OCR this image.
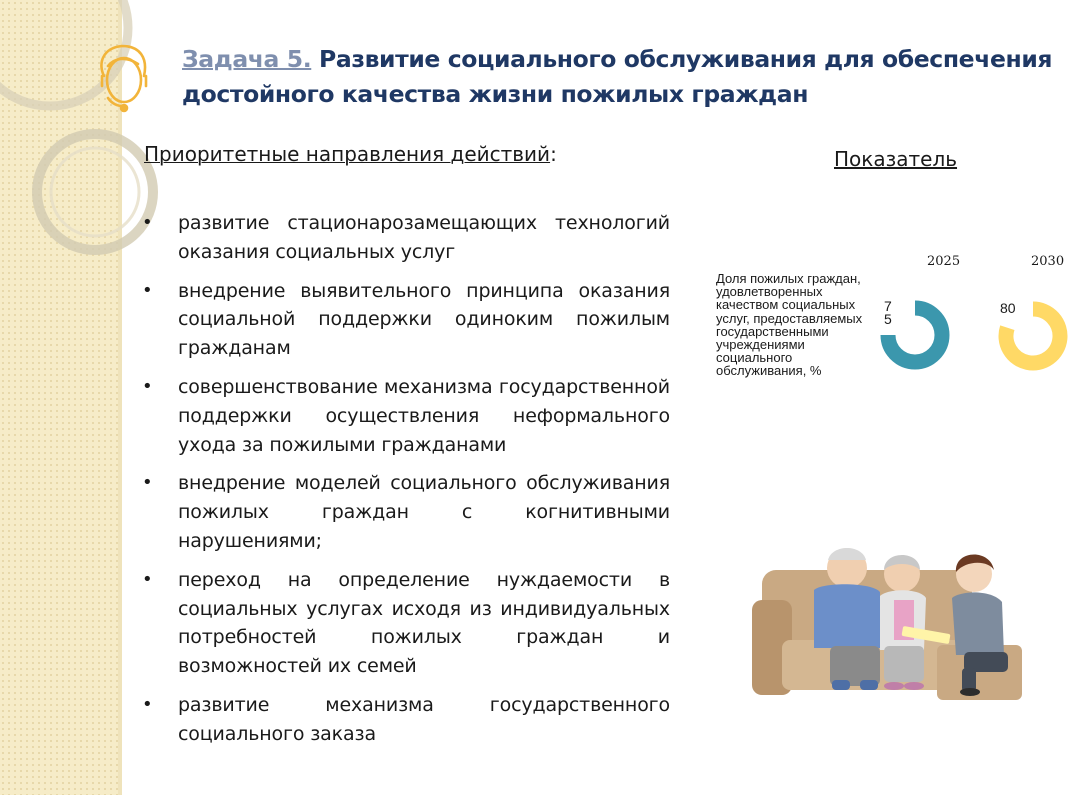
Задача 5. Развитие социального обслуживания для обеспечения достойного качества жизни пожилых граждан
Приоритетные направления действий:
• развитие стационарозамещающих технологий оказания социальных услуг
• внедрение выявительного принципа оказания социальной поддержки одиноким пожилым гражданам
• совершенствование механизма государственной поддержки осуществления неформального ухода за пожилыми гражданами
• внедрение моделей социального обслуживания пожилых граждан с когнитивными нарушениями;
• переход на определение нуждаемости в социальных услугах исходя из индивидуальных потребностей пожилых граждан и возможностей их семей
• развитие механизма государственного социального заказа
Показатель
2025	2030
Доля пожилых граждан, удовлетворенных качеством социальных услуг, предоставляемых государственными учреждениями социального обслуживания, %
7 5
80
